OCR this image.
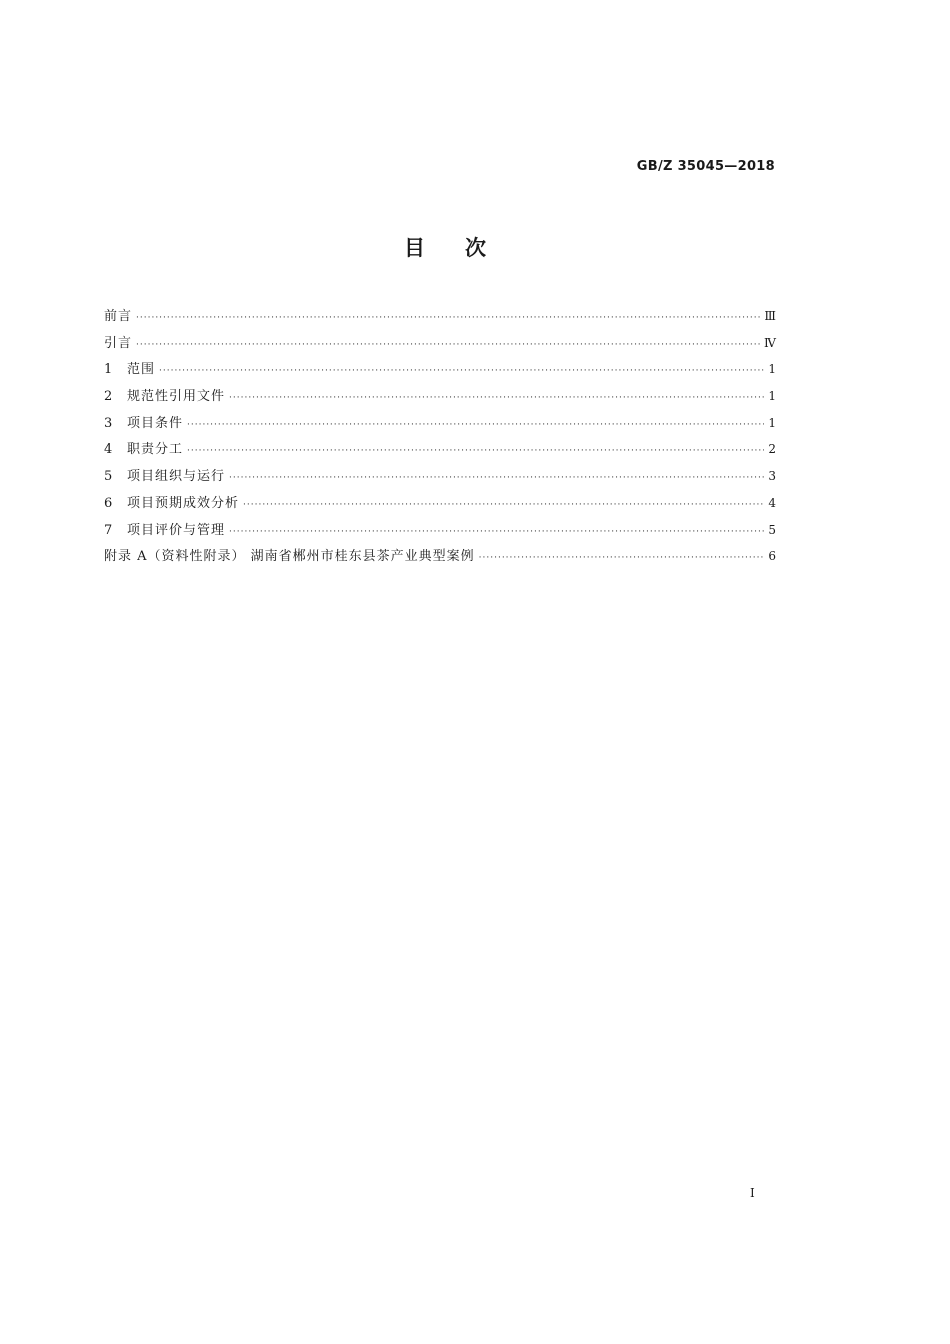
GB/Z 35045—2018
目次
前言 ·····	Ⅲ
引言 ·····	Ⅳ
1 范围 ·····	1
2 规范性引用文件 ·····	1
3 项目条件 ·····	1
4 职责分工 ·····	2
5 项目组织与运行 ·····	3
6 项目预期成效分析 ·····	4
7 项目评价与管理 ·····	5
附录 A（资料性附录） 湖南省郴州市桂东县茶产业典型案例 ·····	6
Ⅰ
